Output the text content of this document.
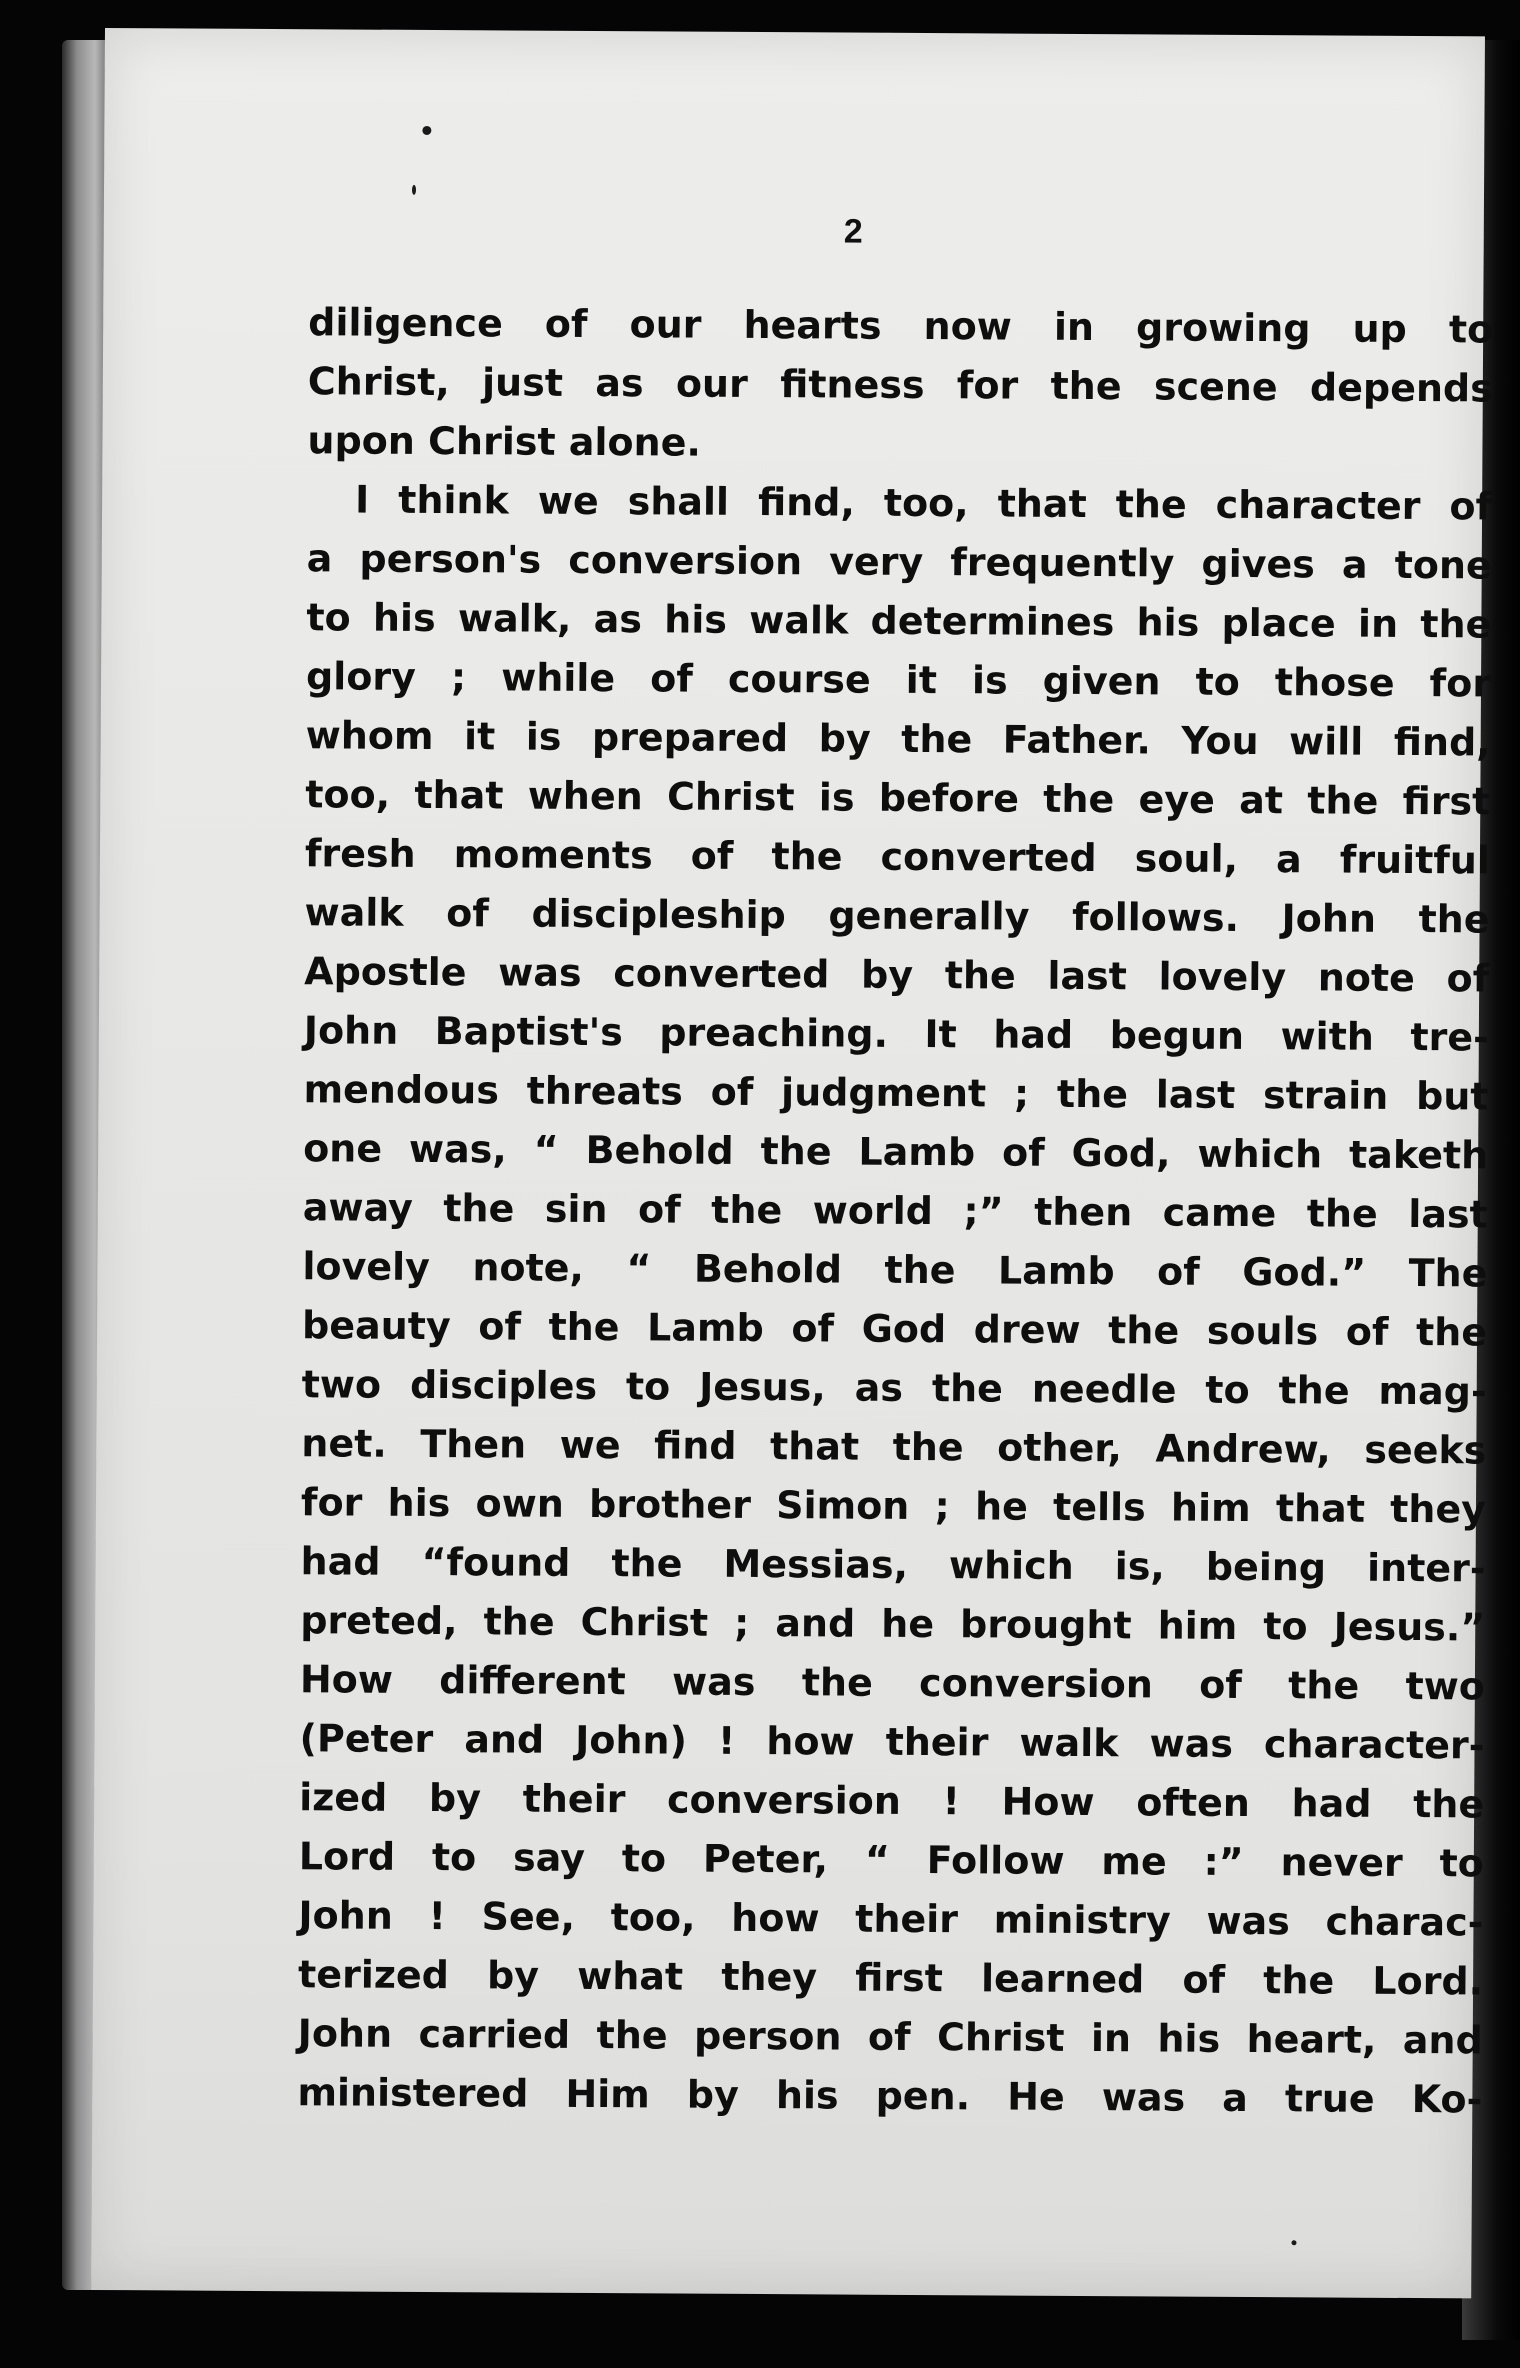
2
diligence of our hearts now in growing up to
Christ, just as our fitness for the scene depends
upon Christ alone.
I think we shall find, too, that the character of
a person's conversion very frequently gives a tone
to his walk, as his walk determines his place in the
glory ; while of course it is given to those for
whom it is prepared by the Father. You will find,
too, that when Christ is before the eye at the first
fresh moments of the converted soul, a fruitful
walk of discipleship generally follows. John the
Apostle was converted by the last lovely note of
John Baptist's preaching. It had begun with tre-
mendous threats of judgment ; the last strain but
one was, “ Behold the Lamb of God, which taketh
away the sin of the world ;” then came the last
lovely note, “ Behold the Lamb of God.” The
beauty of the Lamb of God drew the souls of the
two disciples to Jesus, as the needle to the mag-
net. Then we find that the other, Andrew, seeks
for his own brother Simon ; he tells him that they
had “found the Messias, which is, being inter-
preted, the Christ ; and he brought him to Jesus.”
How different was the conversion of the two
(Peter and John) ! how their walk was character-
ized by their conversion ! How often had the
Lord to say to Peter, “ Follow me :” never to
John ! See, too, how their ministry was charac-
terized by what they first learned of the Lord.
John carried the person of Christ in his heart, and
ministered Him by his pen. He was a true Ko-
